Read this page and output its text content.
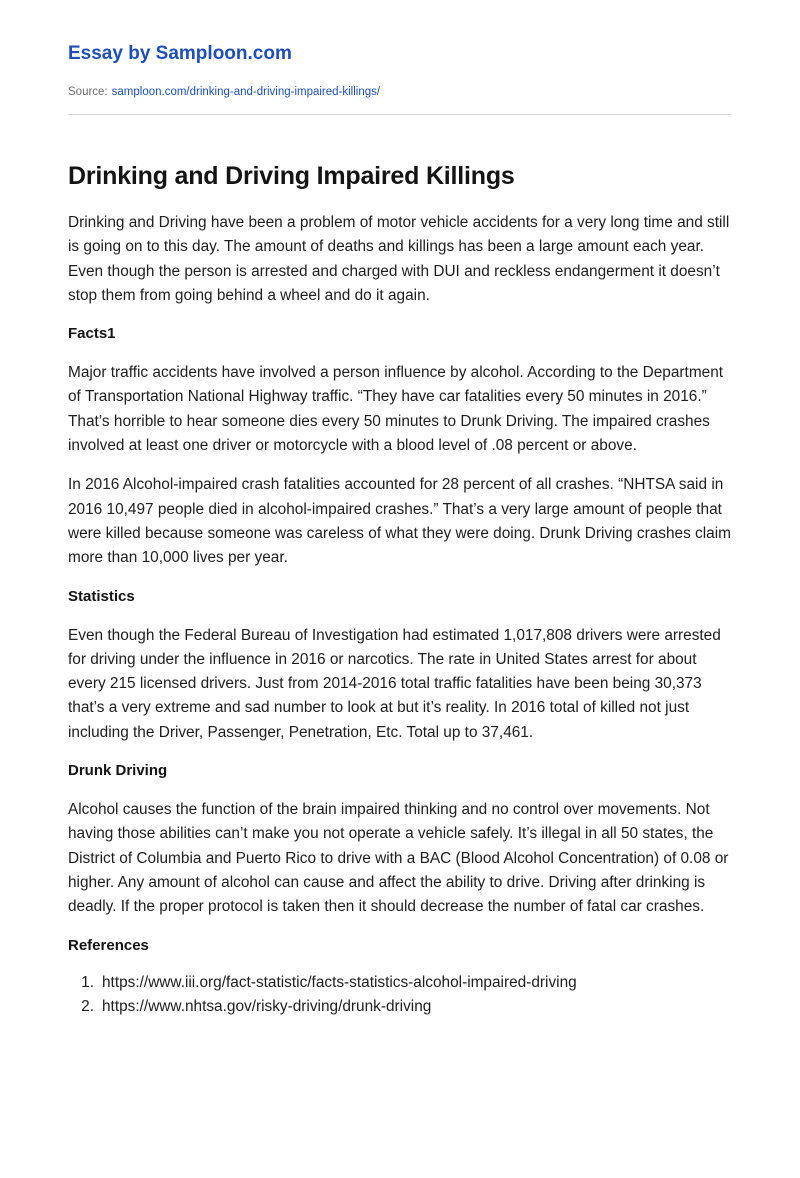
Essay by Samploon.com
Source: samploon.com/drinking-and-driving-impaired-killings/
Drinking and Driving Impaired Killings

Drinking and Driving have been a problem of motor vehicle accidents for a very long time and still is going on to this day. The amount of deaths and killings has been a large amount each year. Even though the person is arrested and charged with DUI and reckless endangerment it doesn’t stop them from going behind a wheel and do it again.

Facts1

Major traffic accidents have involved a person influence by alcohol. According to the Department of Transportation National Highway traffic. “They have car fatalities every 50 minutes in 2016.” That’s horrible to hear someone dies every 50 minutes to Drunk Driving. The impaired crashes involved at least one driver or motorcycle with a blood level of .08 percent or above.

In 2016 Alcohol-impaired crash fatalities accounted for 28 percent of all crashes. “NHTSA said in 2016 10,497 people died in alcohol-impaired crashes.” That’s a very large amount of people that were killed because someone was careless of what they were doing. Drunk Driving crashes claim more than 10,000 lives per year.

Statistics

Even though the Federal Bureau of Investigation had estimated 1,017,808 drivers were arrested for driving under the influence in 2016 or narcotics. The rate in United States arrest for about every 215 licensed drivers. Just from 2014-2016 total traffic fatalities have been being 30,373 that’s a very extreme and sad number to look at but it’s reality. In 2016 total of killed not just including the Driver, Passenger, Penetration, Etc. Total up to 37,461.

Drunk Driving

Alcohol causes the function of the brain impaired thinking and no control over movements. Not having those abilities can’t make you not operate a vehicle safely. It’s illegal in all 50 states, the District of Columbia and Puerto Rico to drive with a BAC (Blood Alcohol Concentration) of 0.08 or higher. Any amount of alcohol can cause and affect the ability to drive. Driving after drinking is deadly. If the proper protocol is taken then it should decrease the number of fatal car crashes.

References
1. https://www.iii.org/fact-statistic/facts-statistics-alcohol-impaired-driving
2. https://www.nhtsa.gov/risky-driving/drunk-driving
